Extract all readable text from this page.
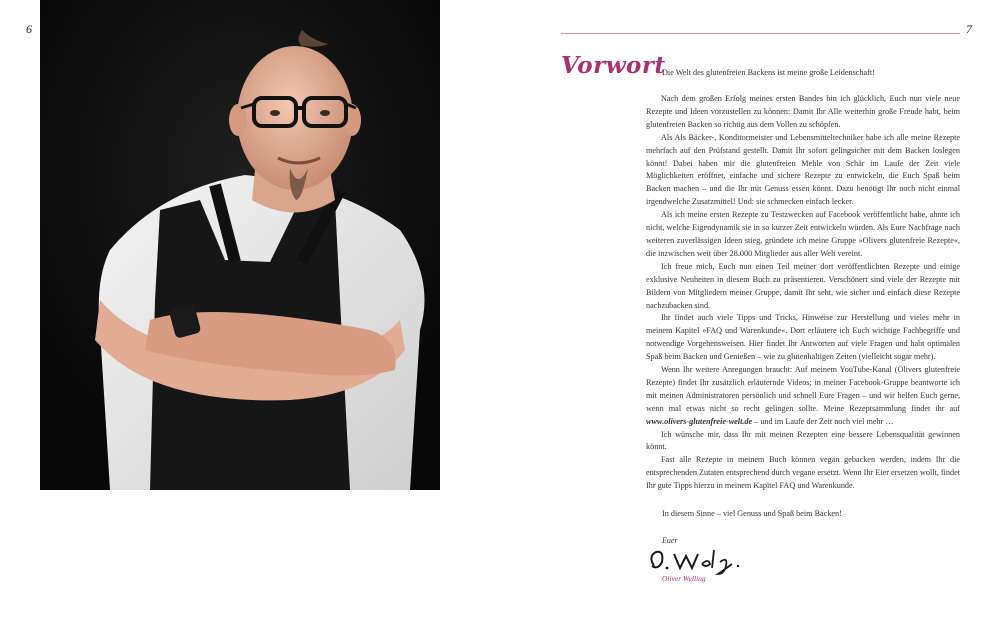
6	7
Vorwort
Die Welt des glutenfreien Backens ist meine große Leidenschaft!

Nach dem großen Erfolg meines ersten Bandes bin ich glücklich, Euch nun viele neue Rezepte und Ideen vorzustellen zu können: Damit Ihr Alle weiterhin große Freude habt, beim glutenfreien Backen so richtig aus dem Vollen zu schöpfen.

Als Als Bäcker-, Konditormeister und Lebensmitteltechniker habe ich alle meine Rezepte mehrfach auf den Prüfstand gestellt. Damit Ihr sofort gelingsicher mit dem Backen loslegen könnt! Dabei haben mir die glutenfreien Mehle von Schär im Laufe der Zeit viele Möglichkeiten eröffnet, einfache und sichere Rezepte zu entwickeln, die Euch Spaß beim Backen machen – und die Ihr mit Genuss essen könnt. Dazu benötigt Ihr noch nicht einmal irgendwelche Zusatzmittel! Und: sie schmecken einfach lecker.

Als ich meine ersten Rezepte zu Testzwecken auf Facebook veröffentlicht habe, ahnte ich nicht, welche Eigendynamik sie in so kurzer Zeit entwickeln würden. Als Eure Nachfrage nach weiteren zuverlässigen Ideen stieg, gründete ich meine Gruppe »Olivers glutenfreie Rezepte«, die inzwischen weit über 28.000 Mitglieder aus aller Welt vereint.

Ich freue mich, Euch nun einen Teil meiner dort veröffentlichten Rezepte und einige exklusive Neuheiten in diesem Buch zu präsentieren. Verschönert sind viele der Rezepte mit Bildern von Mitgliedern meiner Gruppe, damit Ihr seht, wie sicher und einfach diese Rezepte nachzubacken sind.

Ihr findet auch viele Tipps und Tricks, Hinweise zur Herstellung und vieles mehr in meinem Kapitel »FAQ und Warenkunde«. Dort erläutere ich Euch wichtige Fachbegriffe und notwendige Vorgehensweisen. Hier findet Ihr Antworten auf viele Fragen und habt optimalen Spaß beim Backen und Genießen – wie zu glutenhaltigen Zeiten (vielleicht sogar mehr).

Wenn Ihr weitere Anregungen braucht: Auf meinem YouTube-Kanal (Olivers glutenfreie Rezepte) findet Ihr zusätzlich erläuternde Videos; in meiner Facebook-Gruppe beantworte ich mit meinen Administratoren persönlich und schnell Eure Fragen – und wir helfen Euch gerne, wenn mal etwas nicht so recht gelingen sollte. Meine Rezeptsammlung findet ihr auf www.olivers-glutenfreie-welt.de – und im Laufe der Zeit noch viel mehr …

Ich wünsche mir, dass Ihr mit meinen Rezepten eine bessere Lebensqualität gewinnen könnt.

Fast alle Rezepte in meinem Buch können vegan gebacken werden, indem Ihr die entsprechenden Zutaten entsprechend durch vegane ersetzt. Wenn Ihr Eier ersetzen wollt, findet Ihr gute Tipps hierzu in meinem Kapitel FAQ und Warenkunde.

In diesem Sinne – viel Genuss und Spaß beim Backen!
Euer
Oliver Welling
